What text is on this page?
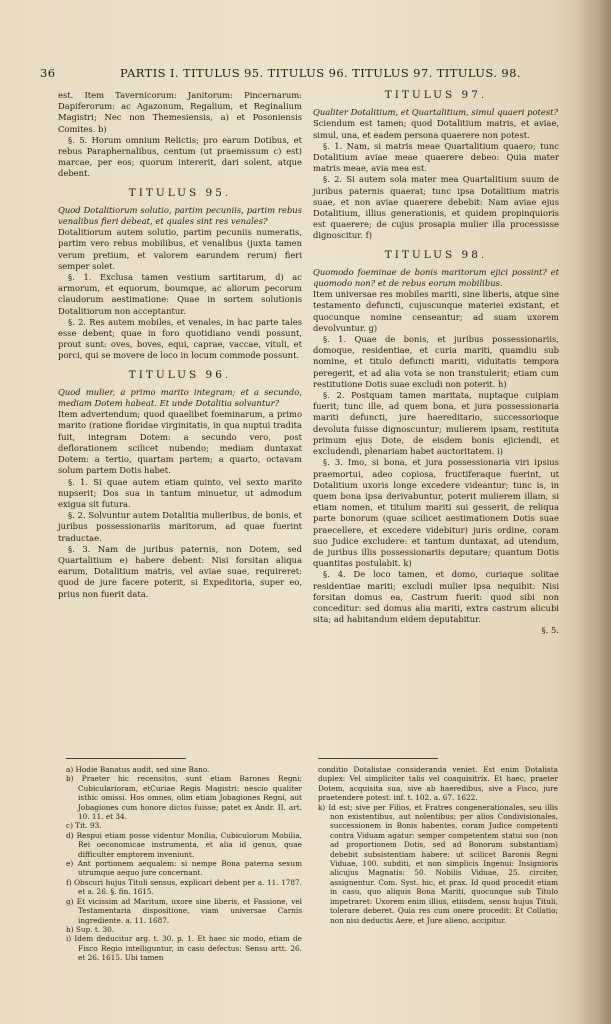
36	PARTIS I. TITULUS 95. TITULUS 96. TITULUS 97. TITULUS. 98.

est. Item Tavernicorum: Janitorum: Pincernarum: Dapiferorum: ac Agazonum, Regalium, et Reginalium Magistri; Nec non Themesiensis, a) et Posoniensis Comites. b)

§. 5. Horum omnium Relictis; pro earum Dotibus, et rebus Paraphernalibus, centum (ut praemissum c) est) marcae, per eos; quorum intererit, dari solent, atque debent.

TITULUS 95.

Quod Dotalitiorum solutio, partim pecuniis, partim rebus venalibus fieri debeat, et quales sint res venales?

Dotalitiorum autem solutio, partim pecuniis numeratis, partim vero rebus mobilibus, et venalibus (juxta tamen verum pretium, et valorem earundem rerum) fieri semper solet.

§. 1. Exclusa tamen vestium sartitarum, d) ac armorum, et equorum, boumque, ac aliorum pecorum claudorum aestimatione: Quae in sortem solutionis Dotalitiorum non acceptantur.

§. 2. Res autem mobiles, et venales, in hac parte tales esse debent; quae in foro quotidiano vendi possunt, prout sunt: oves, boves, equi, caprae, vaccae, vituli, et porci, qui se movere de loco in locum commode possunt.

TITULUS 96.

Quod mulier, a primo marito integram; et a secundo, mediam Dotem habeat. Et unde Dotalitia solvantur?

Item advertendum; quod quaelibet foeminarum, a primo marito (ratione floridae virginitatis, in qua nuptui tradita fuit, integram Dotem: a secundo vero, post deflorationem scilicet nubendo; mediam duntaxat Dotem: a tertio, quartam partem; a quarto, octavam solum partem Dotis habet.

§. 1. Si quae autem etiam quinto, vel sexto marito nupserit; Dos sua in tantum minuetur, ut admodum exigua sit futura.

§. 2. Solvuntur autem Dotalitia mulieribus, de bonis, et juribus possessionariis maritorum, ad quae fuerint traductae.

§. 3. Nam de juribus paternis, non Dotem, sed Quartalitium e) habere debent: Nisi forsitan aliqua earum, Dotalitium matris, vel aviae suae, requireret: quod de jure facere poterit, si Expeditoria, super eo, prius non fuerit data.

TITULUS 97.

Qualiter Dotalitium, et Quartalitium, simul quaeri potest?

Sciendum est tamen; quod Dotalitium matris, et aviae, simul, una, et eadem persona quaerere non potest.

§. 1. Nam, si matris meae Quartalitium quaero; tunc Dotalitium aviae meae quaerere debeo: Quia mater matris meae, avia mea est.

§. 2. Si autem sola mater mea Quartalitium suum de juribus paternis quaerat; tunc ipsa Dotalitium matris suae, et non aviae quaerere debebit: Nam aviae ejus Dotalitium, illius generationis, et quidem propinquioris est quaerere; de cujus prosapia mulier illa processisse dignoscitur. f)

TITULUS 98.

Quomodo foeminae de bonis maritorum ejici possint? et quomodo non? et de rebus eorum mobilibus.

Item universae res mobiles mariti, sine liberis, atque sine testamento defuncti, cujuscunque materiei existant, et quocunque nomine censeantur; ad suam uxorem devolvuntur. g)

§. 1. Quae de bonis, et juribus possessionariis, domoque, residentiae, et curia mariti, quamdiu sub nomine, et titulo defuncti mariti, viduitatis tempora peregerit, et ad alia vota se non transtulerit; etiam cum restitutione Dotis suae excludi non poterit. h)

§. 2. Postquam tamen maritata, nuptaque cuipiam fuerit; tunc ille, ad quem bona, et jura possessionaria mariti defuncti, jure haereditario, successorioque devoluta fuisse dignoscuntur; mulierem ipsam, restituta primum ejus Dote, de eisdem bonis ejiciendi, et excludendi, plenariam habet auctoritatem. i)

§. 3. Imo, si bona, et jura possessionaria viri ipsius praemortui, adeo copiosa, fructiferaque fuerint, ut Dotalitium uxoris longe excedere videantur; tunc is, in quem bona ipsa derivabuntur, poterit mulierem illam, si etiam nomen, et titulum mariti sui gesserit, de reliqua parte bonorum (quae scilicet aestimationem Dotis suae praecellere, et excedere videbitur) juris ordine, coram suo Judice excludere: et tantum duntaxat, ad utendum, de juribus illis possessionariis deputare; quantum Dotis quantitas postulabit. k)

§. 4. De loco tamen, et domo, curiaque solitae residentiae mariti; excludi mulier ipsa nequibit: Nisi forsitan domus ea, Castrum fuerit: quod sibi non conceditur: sed domus alia mariti, extra castrum alicubi sita; ad habitandum eidem deputabitur.

§. 5.

a) Hodie Banatus audit, sed sine Bano.

b) Praeter hic recensitos, sunt etiam Barones Regni; Cubicularioram, etCuriae Regis Magistri: nescio qualiter isthic omissi. Hos omnes, olim etiam Jobagiones Regni, aut Jobagiones cum honore dictos fuisse; patet ex Andr. II. art. 10. 11. et 34.

c) Tit. 93.

d) Respui etiam posse videntur Monilia, Cubiculorum Mobilia, Rei oeconomicae instrumenta, et alia id genus, quae difficulter emptorem inveniunt.

e) Ant portionem aequalem: si nempe Bona paterna sexum utrumque aequo jure concernant.

f) Obscuri hujus Tituli sensus, explicari debent per a. 11. 1787. et a. 26. §. fin. 1615.

g) Et vicissim ad Maritum, uxore sine liberis, et Fassione, vel Testamentaria dispositione, viam universae Carnis ingrediente. a. 11. 1687.

h) Sup. t. 30.

i) Idem deducitur arg. t. 30. p. 1. Et haec sic modo, etiam de Fisco Regio intelliguntur, in casu defectus: Sensu artt. 26. et 26. 1615. Ubi tamen

conditio Dotalistae consideranda veniet. Est enim Dotalista duplex: Vel simpliciter talis vel coaquisitrix. Et haec, praeter Dotem, acquisita sua, sive ab haeredibus, sive a Fisco, jure praetendere potest. inf. t. 102. a. 67. 1622.

k) Id est; sive per Filios, et Fratres congenerationales, seu illis non existentibus, aut nolentibus; per alios Condivisionales, successionem in Bonis habentes, coram Judice competenti contra Viduam agatur: semper competentem statui suo (non ad proportionem Dotis, sed ad Bonorum substantiam) debebit subsistentiam habere: ut scilicet Baronis Regni Viduae, 100. subditi, et non simplicis Ingenui: Insignioris alicujus Magnatis: 50. Nobilis Viduae, 25. circiter, assignentur. Com. Syst. hic, et prax. Id quod procedit etiam in casu, quo aliquis Bona Mariti, quocunque sub Titulo impetraret: Uxorem enim illius, etiisdem, sensu hujus Tituli, tolerare deberet. Quia res cum onere procedit: Et Collatio; non nisi deductis Aere, et Jure alieno, accipitur.
